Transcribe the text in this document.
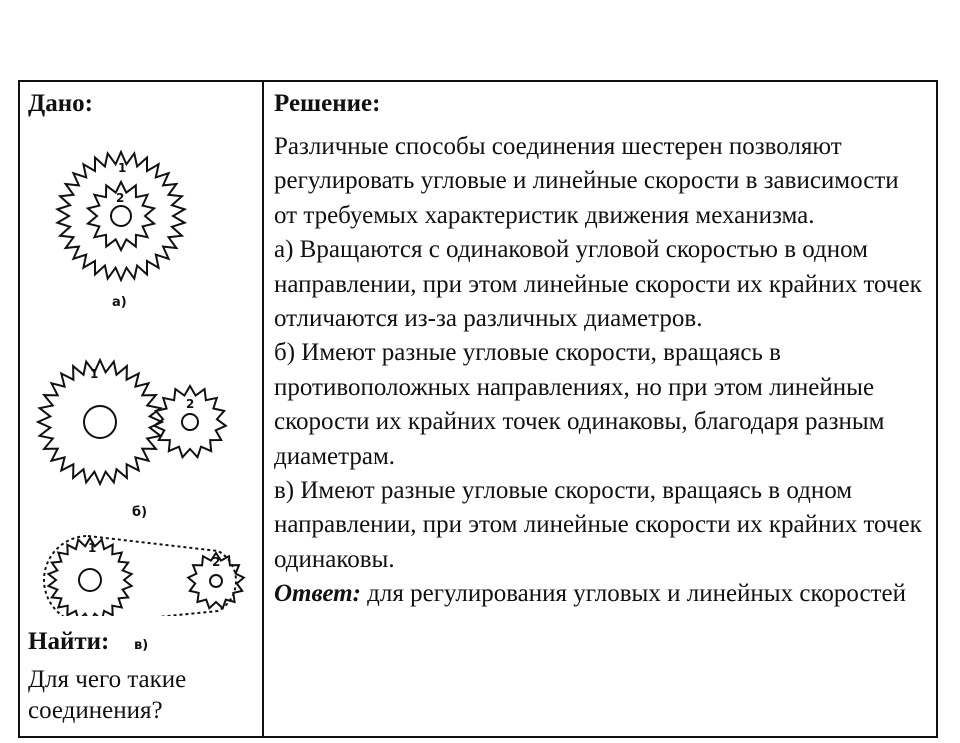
Дано:
1
2
а)
1
2
б)
1
2
в)
Найти:
Для чего такие соединения?
Решение:

Различные способы соединения шестерен позволяют регулировать угловые и линейные скорости в зависимости от требуемых характеристик движения механизма.

а) Вращаются с одинаковой угловой скоростью в одном направлении, при этом линейные скорости их крайних точек отличаются из-за различных диаметров.

б) Имеют разные угловые скорости, вращаясь в противоположных направлениях, но при этом линейные скорости их крайних точек одинаковы, благодаря разным диаметрам.

в) Имеют разные угловые скорости, вращаясь в одном направлении, при этом линейные скорости их крайних точек одинаковы.

Ответ: для регулирования угловых и линейных скоростей
